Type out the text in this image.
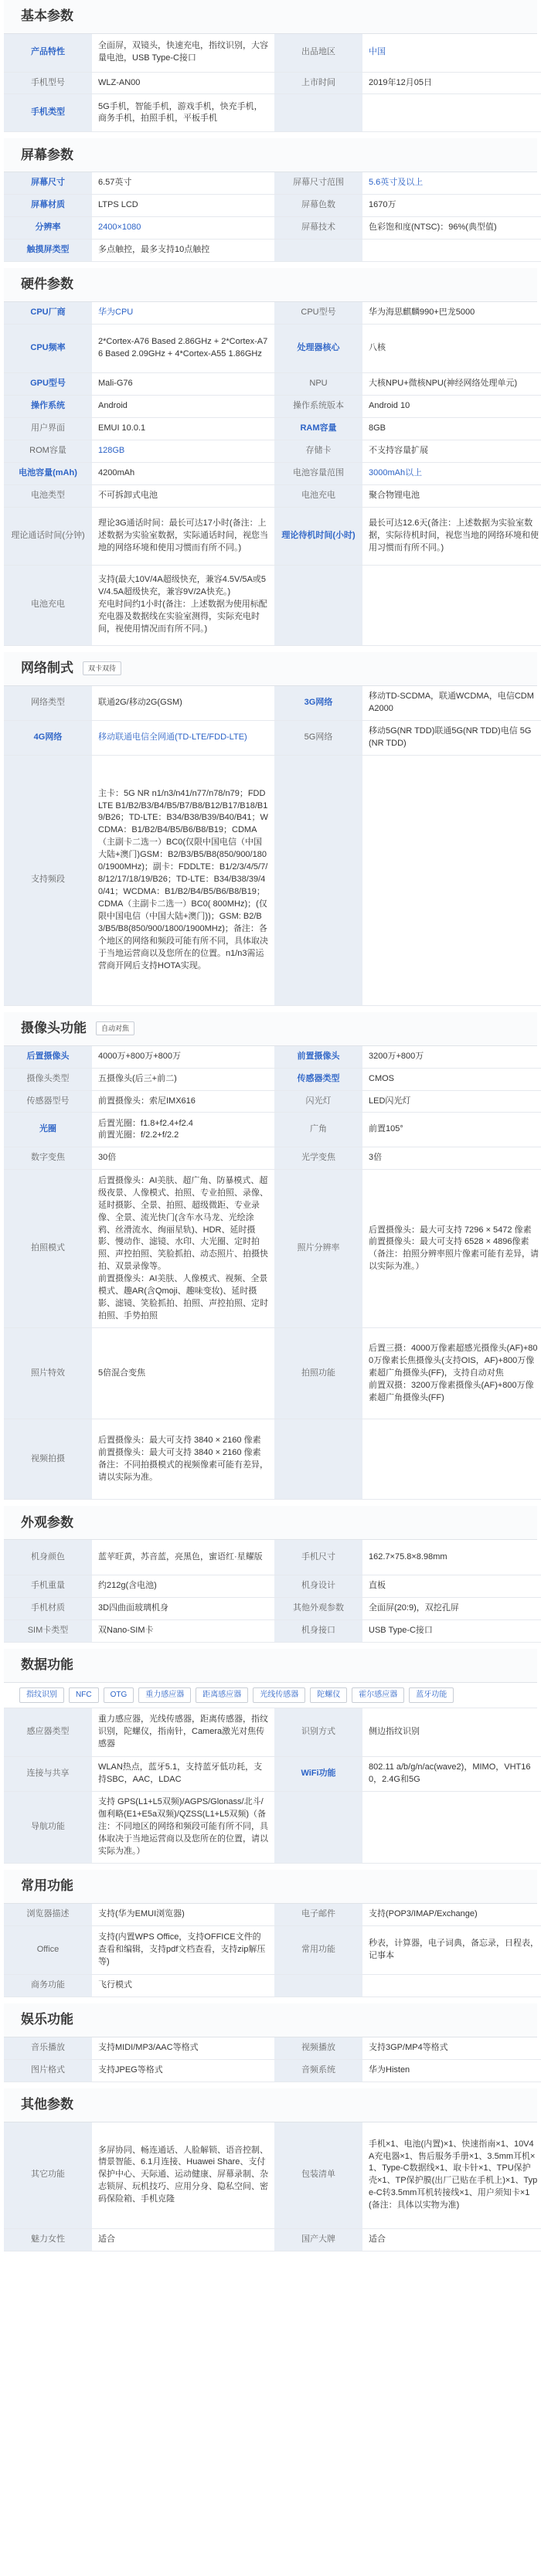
基本参数
产品特性	全面屏，双镜头，快速充电，指纹识别，大容量电池，USB Type-C接口	出品地区	中国
手机型号	WLZ-AN00	上市时间	2019年12月05日
手机类型	5G手机，智能手机，游戏手机，快充手机，商务手机，拍照手机，平板手机		
屏幕参数
屏幕尺寸	6.57英寸	屏幕尺寸范围	5.6英寸及以上
屏幕材质	LTPS LCD	屏幕色数	1670万
分辨率	2400×1080	屏幕技术	色彩饱和度(NTSC)：96%(典型值)
触摸屏类型	多点触控，最多支持10点触控		
硬件参数
CPU厂商	华为CPU	CPU型号	华为海思麒麟990+巴龙5000
CPU频率	2*Cortex-A76 Based 2.86GHz + 2*Cortex-A76 Based 2.09GHz + 4*Cortex-A55 1.86GHz	处理器核心	八核
GPU型号	Mali-G76	NPU	大核NPU+微核NPU(神经网络处理单元)
操作系统	Android	操作系统版本	Android 10
用户界面	EMUI 10.0.1	RAM容量	8GB
ROM容量	128GB	存储卡	不支持容量扩展
电池容量(mAh)	4200mAh	电池容量范围	3000mAh以上
电池类型	不可拆卸式电池	电池充电	聚合物锂电池
理论通话时间(分钟)	理论3G通话时间：最长可达17小时(备注：上述数据为实验室数据，实际通话时间，视您当地的网络环境和使用习惯而有所不同。)	理论待机时间(小时)	最长可达12.6天(备注：上述数据为实验室数据，实际待机时间，视您当地的网络环境和使用习惯而有所不同。)
电池充电	支持(最大10V/4A超级快充，兼容4.5V/5A或5V/4.5A超级快充，兼容9V/2A快充。)
充电时间约1小时(备注：上述数据为使用标配充电器及数据线在实验室测得，实际充电时间，视使用情况而有所不同。)		
网络制式	双卡双待
网络类型	联通2G/移动2G(GSM)	3G网络	移动TD-SCDMA，联通WCDMA，电信CDMA2000
4G网络	移动联通电信全网通(TD-LTE/FDD-LTE)	5G网络	移动5G(NR TDD)联通5G(NR TDD)电信 5G(NR TDD)
支持频段	主卡：5G NR n1/n3/n41/n77/n78/n79；FDDLTE B1/B2/B3/B4/B5/B7/B8/B12/B17/B18/B19/B26；TD-LTE：B34/B38/B39/B40/B41；WCDMA：B1/B2/B4/B5/B6/B8/B19；CDMA（主副卡二选一）BC0(仅限中国电信（中国大陆+澳门)GSM：B2/B3/B5/B8(850/900/1800/1900MHz)；副卡：FDDLTE：B1/2/3/4/5/7/8/12/17/18/19/B26；TD-LTE：B34/B38/39/40/41；WCDMA：B1/B2/B4/B5/B6/B8/B19；CDMA（主副卡二选一）BC0( 800MHz)；(仅限中国电信（中国大陆+澳门))；GSM: B2/B3/B5/B8(850/900/1800/1900MHz)；备注：各个地区的网络和频段可能有所不同，具体取决于当地运营商以及您所在的位置。n1/n3需运营商开网后支持HOTA实现。		
摄像头功能	自动对焦
后置摄像头	4000万+800万+800万	前置摄像头	3200万+800万
摄像头类型	五摄像头(后三+前二)	传感器类型	CMOS
传感器型号	前置摄像头：索尼IMX616	闪光灯	LED闪光灯
光圈	后置光圈：f1.8+f2.4+f2.4
前置光圈：f/2.2+f/2.2	广角	前置105°
数字变焦	30倍	光学变焦	3倍
拍照模式	后置摄像头：AI美肤、超广角、防暴模式、超级夜景、人像模式、拍照、专业拍照、录像、延时摄影、全景、拍照、超级微距、专业录像、全景、流光快门(含车水马龙、光绘涂鸦、丝滑流水、绚丽星轨)、HDR、延时摄影、慢动作、滤镜、水印、大光圈、定时拍照、声控拍照、笑脸抓拍、动态照片、拍摄快拍、双景录像等。
前置摄像头：AI美肤、人像模式、视频、全景模式、趣AR(含Qmoji、趣味变妆)、延时摄影、滤镜、笑脸抓拍、拍照、声控拍照、定时拍照、手势拍照	照片分辨率	后置摄像头：最大可支持 7296 × 5472 像素
前置摄像头：最大可支持 6528 × 4896像素（备注：拍照分辨率照片像素可能有差异，请以实际为准。）
照片特效	5倍混合变焦	拍照功能	后置三摄：4000万像素超感光摄像头(AF)+800万像素长焦摄像头(支持OIS，AF)+800万像素超广角摄像头(FF)，支持自动对焦
前置双摄：3200万像素摄像头(AF)+800万像素超广角摄像头(FF)
视频拍摄	后置摄像头：最大可支持 3840 × 2160 像素
前置摄像头：最大可支持 3840 × 2160 像素
备注：不同拍摄模式的视频像素可能有差异，请以实际为准。		
外观参数
机身颜色	蓝苹旺黄，苏音蓝，亮黑色，蜜语红·星耀版	手机尺寸	162.7×75.8×8.98mm
手机重量	约212g(含电池)	机身设计	直板
手机材质	3D四曲面玻璃机身	其他外观参数	全面屏(20:9)，双挖孔屏
SIM卡类型	双Nano-SIM卡	机身接口	USB Type-C接口
数据功能
指纹识别	NFC	OTG	重力感应器	距离感应器	光线传感器	陀螺仪	霍尔感应器	蓝牙功能
感应器类型	重力感应器，光线传感器，距离传感器，指纹识别，陀螺仪，指南针，Camera激光对焦传感器	识别方式	侧边指纹识别
连接与共享	WLAN热点，蓝牙5.1，支持蓝牙低功耗，支持SBC，AAC，LDAC	WiFi功能	802.11 a/b/g/n/ac(wave2)，MIMO，VHT160，2.4G和5G
导航功能	支持 GPS(L1+L5双频)/AGPS/Glonass/北斗/伽利略(E1+E5a双频)/QZSS(L1+L5双频)（备注：不同地区的网络和频段可能有所不同，具体取决于当地运营商以及您所在的位置，请以实际为准。）		
常用功能
浏览器描述	支持(华为EMUI浏览器)	电子邮件	支持(POP3/IMAP/Exchange)
Office	支持(内置WPS Office，支持OFFICE文件的查看和编辑，支持pdf文档查看，支持zip解压等)	常用功能	秒表，计算器，电子词典，备忘录，日程表，记事本
商务功能	飞行模式		
娱乐功能
音乐播放	支持MIDI/MP3/AAC等格式	视频播放	支持3GP/MP4等格式
图片格式	支持JPEG等格式	音频系统	华为Histen
其他参数
其它功能	多屏协同、畅连通话、人脸解锁、语音控制、情景智能、6.1月连接、Huawei Share、支付保护中心、天际通、运动健康、屏幕录制、杂志锁屏、玩机技巧、应用分身、隐私空间、密码保险箱、手机克隆	包装清单	手机×1、电池(内置)×1、快速指南×1、10V4A充电器×1、售后服务手册×1、3.5mm耳机×1、Type-C数据线×1、取卡针×1、TPU保护壳×1、TP保护膜(出厂已贴在手机上)×1、Type-C转3.5mm耳机转接线×1、用户须知卡×1(备注：具体以实物为准)
魅力女性	适合	国产大牌	适合
